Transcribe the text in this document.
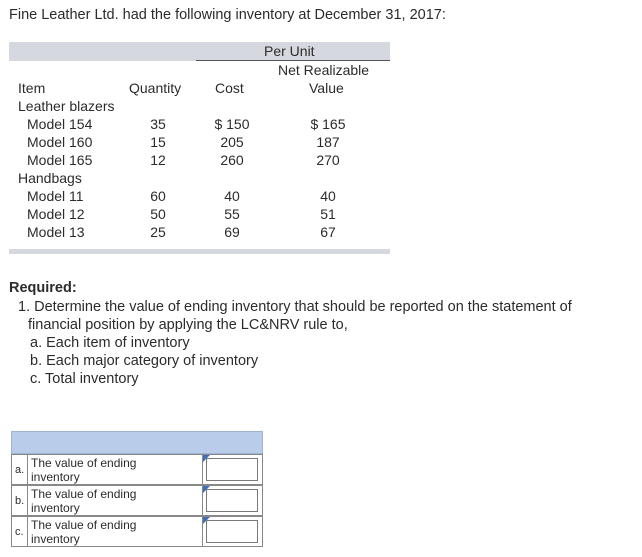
Fine Leather Ltd. had the following inventory at December 31, 2017:
Per Unit
Net Realizable
Item	Quantity Cost	Value
Leather blazers
Model 154	35	$ 150	$ 165
Model 160	15	205	187
Model 165	12	260	270
Handbags
Model 11	60	40	40
Model 12	50	55	51
Model 13	25	69	67
Required:
1. Determine the value of ending inventory that should be reported on the statement of
financial position by applying the LC&NRV rule to,
a. Each item of inventory
b. Each major category of inventory
c. Total inventory
a. The value of ending
inventory
b. The value of ending
inventory
c. The value of ending
inventory
